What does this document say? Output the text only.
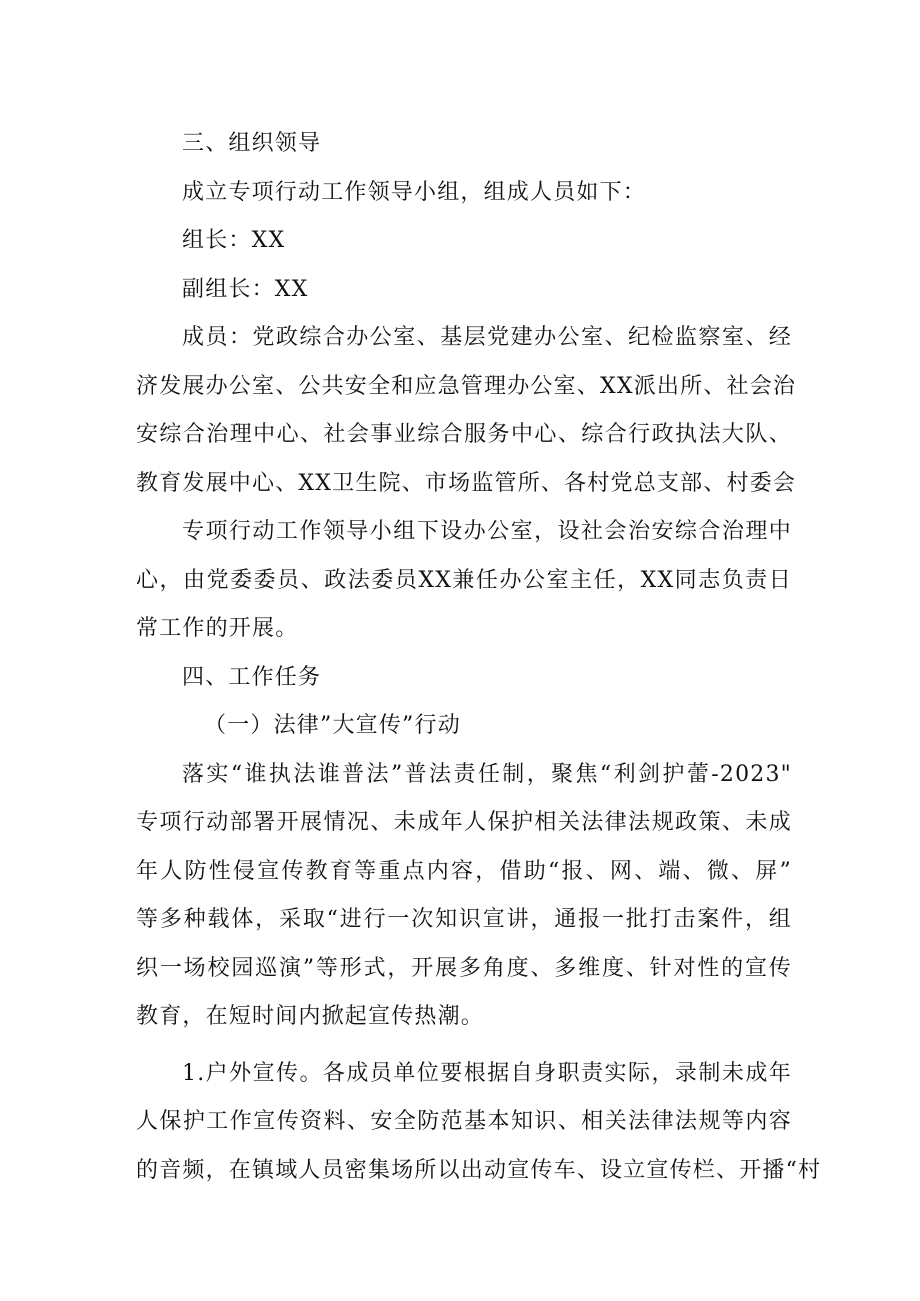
三、组织领导
成立专项行动工作领导小组，组成人员如下：
组长：XX
副组长：XX
成员：党政综合办公室、基层党建办公室、纪检监察室、经
济发展办公室、公共安全和应急管理办公室、XX派出所、社会治
安综合治理中心、社会事业综合服务中心、综合行政执法大队、
教育发展中心、XX卫生院、市场监管所、各村党总支部、村委会
专项行动工作领导小组下设办公室，设社会治安综合治理中
心，由党委委员、政法委员XX兼任办公室主任，XX同志负责日
常工作的开展。
四、工作任务
（一）法律”大宣传”行动
落实“谁执法谁普法”普法责任制，聚焦“利剑护蕾-2023"
专项行动部署开展情况、未成年人保护相关法律法规政策、未成
年人防性侵宣传教育等重点内容，借助“报、网、端、微、屏”
等多种载体，采取“进行一次知识宣讲，通报一批打击案件，组
织一场校园巡演”等形式，开展多角度、多维度、针对性的宣传
教育，在短时间内掀起宣传热潮。
1.户外宣传。各成员单位要根据自身职责实际，录制未成年
人保护工作宣传资料、安全防范基本知识、相关法律法规等内容
的音频，在镇域人员密集场所以出动宣传车、设立宣传栏、开播“村
